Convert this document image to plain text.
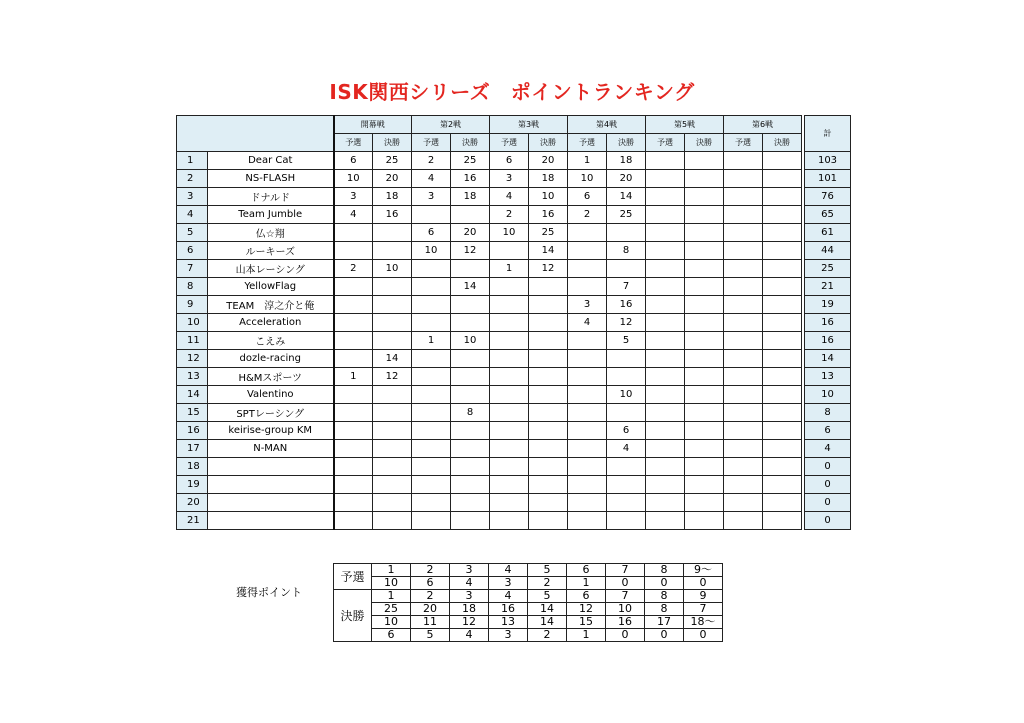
ISK関西シリーズ　ポイントランキング
		開幕戦		第2戦		第3戦		第4戦		第5戦		第6戦			計
		予選	決勝	予選	決勝	予選	決勝	予選	決勝	予選	決勝	予選	決勝		
1	Dear Cat	6	25	2	25	6	20	1	18						103
2	NS-FLASH	10	20	4	16	3	18	10	20						101
3	ドナルド	3	18	3	18	4	10	6	14						76
4	Team Jumble	4	16			2	16	2	25						65
5	仏☆翔			6	20	10	25								61
6	ルーキーズ			10	12		14		8						44
7	山本レーシング	2	10			1	12								25
8	YellowFlag				14				7						21
9	TEAM　淳之介と俺							3	16						19
10	Acceleration							4	12						16
11	こえみ			1	10				5						16
12	dozle-racing		14												14
13	H&Mスポーツ	1	12												13
14	Valentino								10						10
15	SPTレーシング				8										8
16	keirise-group KM								6						6
17	N-MAN								4						4
18															0
19															0
20															0
21															0
獲得ポイント
予選	1	2	3	4	5	6	7	8	9〜
	10	6	4	3	2	1	0	0	0
決勝	1	2	3	4	5	6	7	8	9
	25	20	18	16	14	12	10	8	7
	10	11	12	13	14	15	16	17	18〜
	6	5	4	3	2	1	0	0	0
